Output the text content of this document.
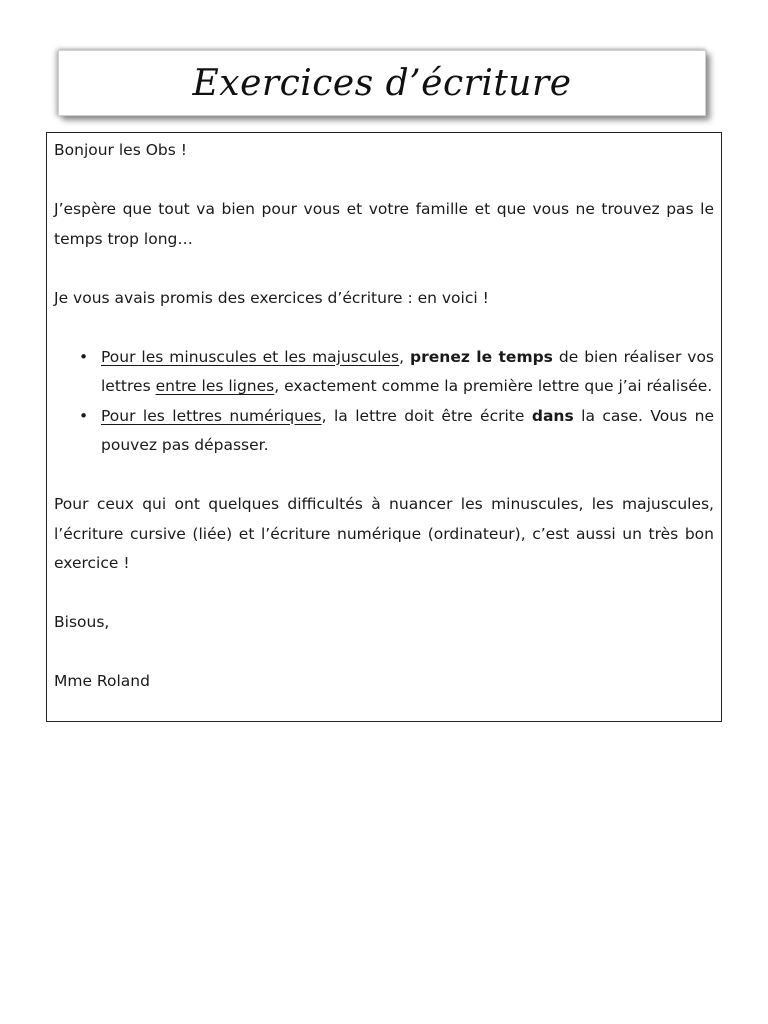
Exercices d’écriture

Bonjour les Obs !

J’espère que tout va bien pour vous et votre famille et que vous ne trouvez pas le temps trop long…

Je vous avais promis des exercices d’écriture : en voici !

• Pour les minuscules et les majuscules, prenez le temps de bien réaliser vos lettres entre les lignes, exactement comme la première lettre que j’ai réalisée.
• Pour les lettres numériques, la lettre doit être écrite dans la case. Vous ne pouvez pas dépasser.

Pour ceux qui ont quelques difficultés à nuancer les minuscules, les majuscules, l’écriture cursive (liée) et l’écriture numérique (ordinateur), c’est aussi un très bon exercice !

Bisous,

Mme Roland
